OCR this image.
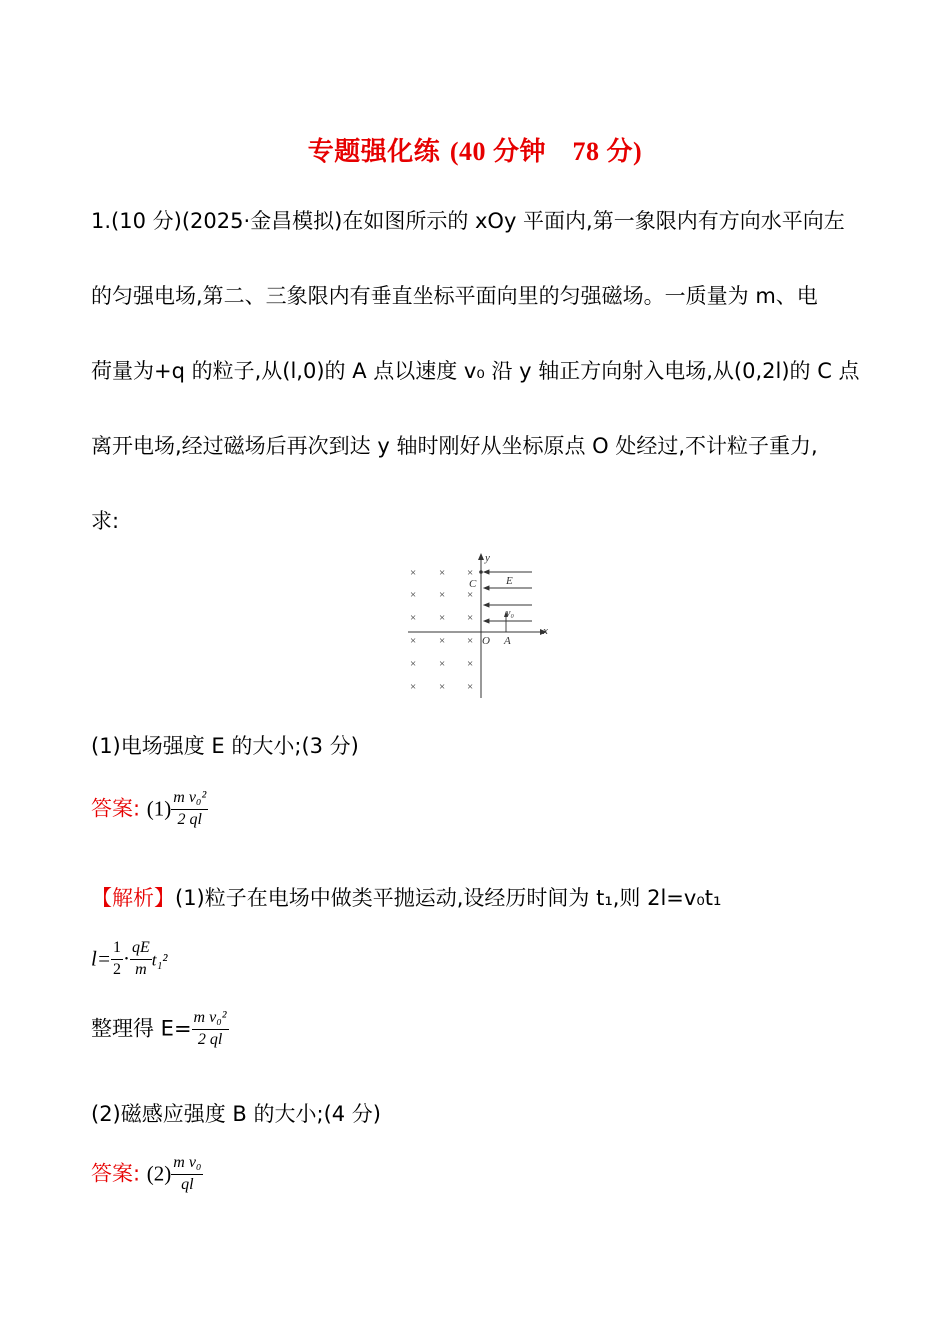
专题强化练 (40 分钟　78 分)
1.(10 分)(2025·金昌模拟)在如图所示的 xOy 平面内,第一象限内有方向水平向左
的匀强电场,第二、三象限内有垂直坐标平面向里的匀强磁场。一质量为 m、电
荷量为+q 的粒子,从(l,0)的 A 点以速度 v₀ 沿 y 轴正方向射入电场,从(0,2l)的 C 点
离开电场,经过磁场后再次到达 y 轴时刚好从坐标原点 O 处经过,不计粒子重力,
求:
× × ×
× × ×
× × ×
× × ×
× × ×
× × ×
y
x
C	E
v₀
O A
(1)电场强度 E 的大小;(3 分)
答案: $(1) \frac{\text{m v₀²}}{2 ql}$
【解析】(1)粒子在电场中做类平抛运动,设经历时间为 t₁,则 2l=v₀t₁
$l= \frac{1}{2} \cdot \frac{qE}{m} t_1^2$
整理得 $E= \frac{\text{m v₀²}}{2 ql}$
(2)磁感应强度 B 的大小;(4 分)
答案: $(2) \frac{\text{m v₀}}{ql}$
